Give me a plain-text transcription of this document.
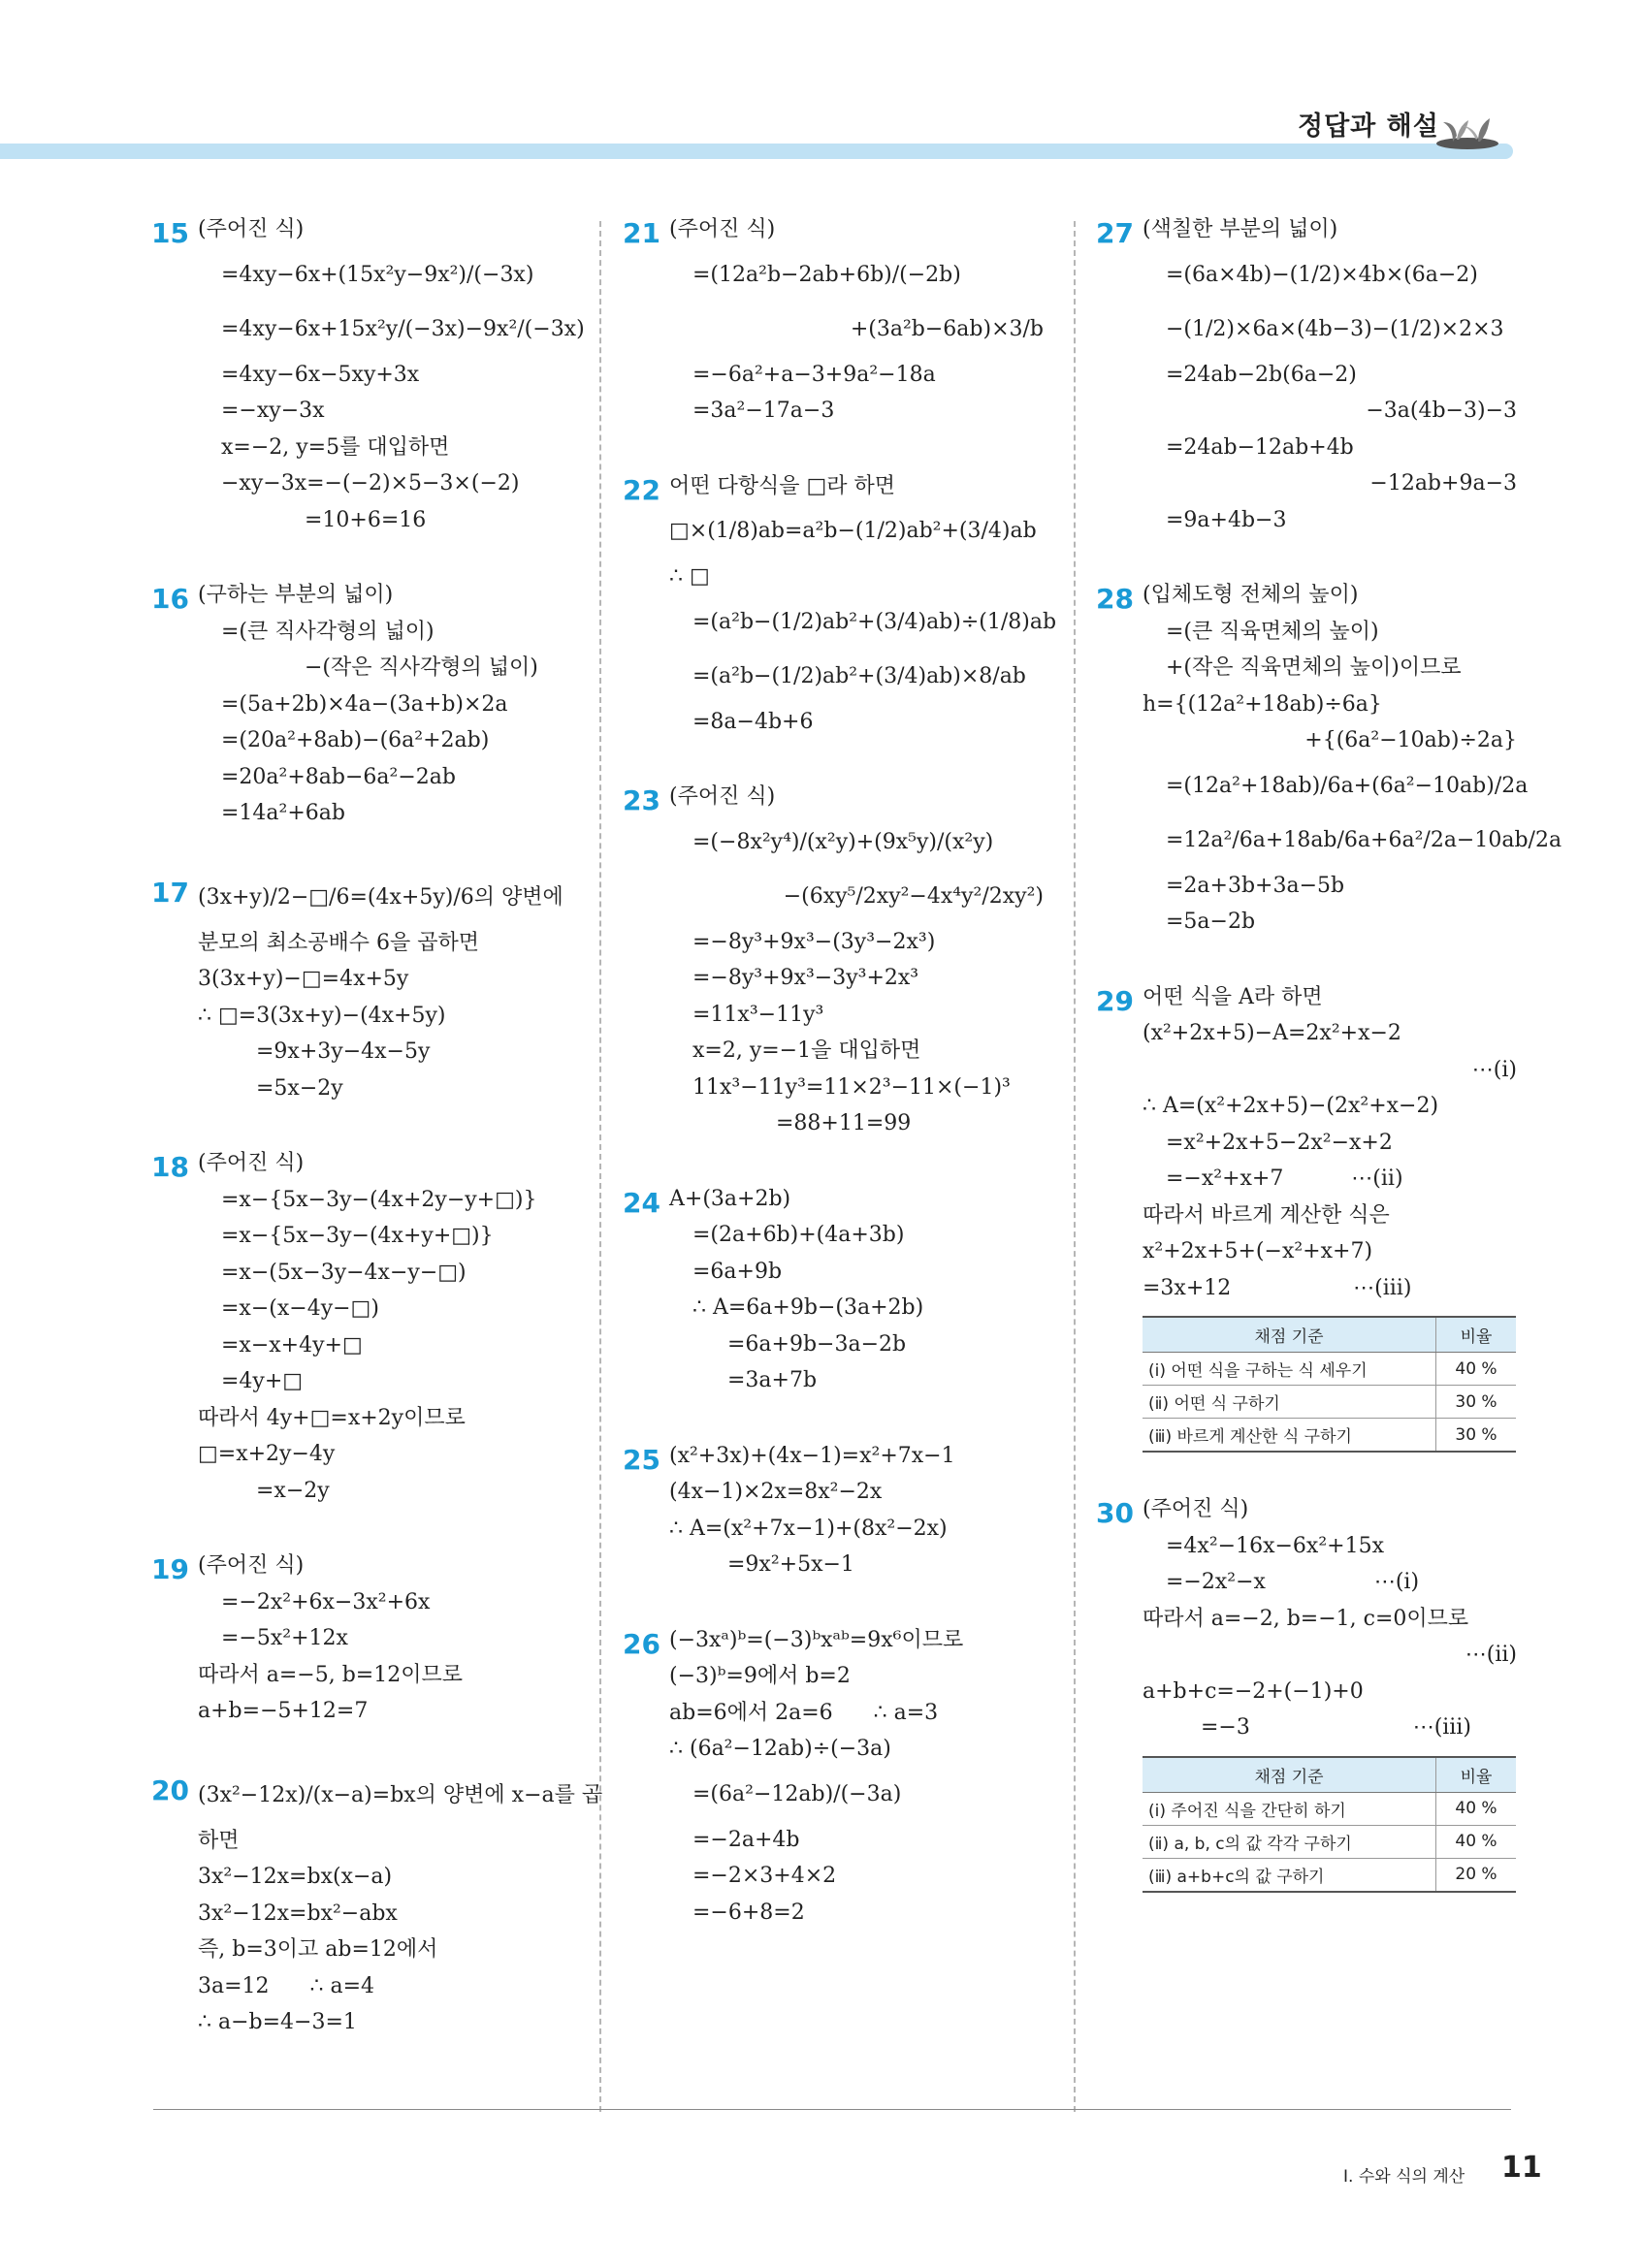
정답과 해설
15 (주어진 식)
=4xy−6x+(15x²y−9x²)/(−3x)
=4xy−6x+15x²y/(−3x)−9x²/(−3x)
=4xy−6x−5xy+3x
=−xy−3x
x=−2, y=5를 대입하면
−xy−3x=−(−2)×5−3×(−2)
=10+6=16
16 (구하는 부분의 넓이)
=(큰 직사각형의 넓이)
−(작은 직사각형의 넓이)
=(5a+2b)×4a−(3a+b)×2a
=(20a²+8ab)−(6a²+2ab)
=20a²+8ab−6a²−2ab
=14a²+6ab
17 (3x+y)/2−□/6=(4x+5y)/6의 양변에
분모의 최소공배수 6을 곱하면
3(3x+y)−□=4x+5y
∴ □=3(3x+y)−(4x+5y)
=9x+3y−4x−5y
=5x−2y
18 (주어진 식)
=x−{5x−3y−(4x+2y−y+□)}
=x−{5x−3y−(4x+y+□)}
=x−(5x−3y−4x−y−□)
=x−(x−4y−□)
=x−x+4y+□
=4y+□
따라서 4y+□=x+2y이므로
□=x+2y−4y
=x−2y
19 (주어진 식)
=−2x²+6x−3x²+6x
=−5x²+12x
따라서 a=−5, b=12이므로
a+b=−5+12=7
20 (3x²−12x)/(x−a)=bx의 양변에 x−a를 곱
하면
3x²−12x=bx(x−a)
3x²−12x=bx²−abx
즉, b=3이고 ab=12에서
3a=12      ∴ a=4
∴ a−b=4−3=1
21 (주어진 식)
=(12a²b−2ab+6b)/(−2b)
+(3a²b−6ab)×3/b
=−6a²+a−3+9a²−18a
=3a²−17a−3
22 어떤 다항식을 □라 하면
□×(1/8)ab=a²b−(1/2)ab²+(3/4)ab
∴ □
=(a²b−(1/2)ab²+(3/4)ab)÷(1/8)ab
=(a²b−(1/2)ab²+(3/4)ab)×8/ab
=8a−4b+6
23 (주어진 식)
=(−8x²y⁴)/(x²y)+(9x⁵y)/(x²y)
−(6xy⁵/2xy²−4x⁴y²/2xy²)
=−8y³+9x³−(3y³−2x³)
=−8y³+9x³−3y³+2x³
=11x³−11y³
x=2, y=−1을 대입하면
11x³−11y³=11×2³−11×(−1)³
=88+11=99
24 A+(3a+2b)
=(2a+6b)+(4a+3b)
=6a+9b
∴ A=6a+9b−(3a+2b)
=6a+9b−3a−2b
=3a+7b
25 (x²+3x)+(4x−1)=x²+7x−1
(4x−1)×2x=8x²−2x
∴ A=(x²+7x−1)+(8x²−2x)
=9x²+5x−1
26 (−3xᵃ)ᵇ=(−3)ᵇxᵃᵇ=9x⁶이므로
(−3)ᵇ=9에서 b=2
ab=6에서 2a=6      ∴ a=3
∴ (6a²−12ab)÷(−3a)
=(6a²−12ab)/(−3a)
=−2a+4b
=−2×3+4×2
=−6+8=2
27 (색칠한 부분의 넓이)
=(6a×4b)−(1/2)×4b×(6a−2)
−(1/2)×6a×(4b−3)−(1/2)×2×3
=24ab−2b(6a−2)
−3a(4b−3)−3
=24ab−12ab+4b
−12ab+9a−3
=9a+4b−3
28 (입체도형 전체의 높이)
=(큰 직육면체의 높이)
+(작은 직육면체의 높이)이므로
h={(12a²+18ab)÷6a}
+{(6a²−10ab)÷2a}
=(12a²+18ab)/6a+(6a²−10ab)/2a
=12a²/6a+18ab/6a+6a²/2a−10ab/2a
=2a+3b+3a−5b
=5a−2b
29 어떤 식을 A라 하면
(x²+2x+5)−A=2x²+x−2
⋯(ⅰ)
∴ A=(x²+2x+5)−(2x²+x−2)
=x²+2x+5−2x²−x+2
=−x²+x+7          ⋯(ⅱ)
따라서 바르게 계산한 식은
x²+2x+5+(−x²+x+7)
=3x+12                  ⋯(ⅲ)
채점 기준	비율
(ⅰ) 어떤 식을 구하는 식 세우기	40 %
(ⅱ) 어떤 식 구하기	30 %
(ⅲ) 바르게 계산한 식 구하기	30 %
30 (주어진 식)
=4x²−16x−6x²+15x
=−2x²−x                ⋯(ⅰ)
따라서 a=−2, b=−1, c=0이므로
⋯(ⅱ)
a+b+c=−2+(−1)+0
=−3                        ⋯(ⅲ)
채점 기준	비율
(ⅰ) 주어진 식을 간단히 하기	40 %
(ⅱ) a, b, c의 값 각각 구하기	40 %
(ⅲ) a+b+c의 값 구하기	20 %
Ⅰ. 수와 식의 계산 11
